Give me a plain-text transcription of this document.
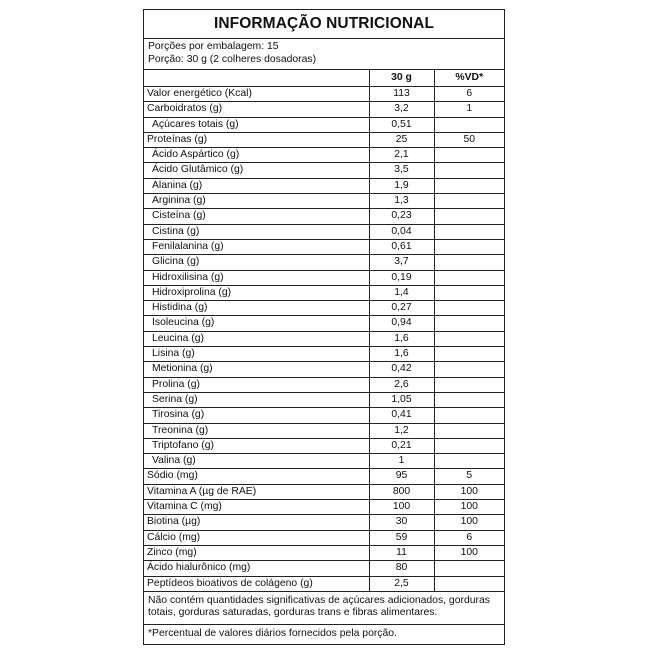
INFORMAÇÃO NUTRICIONAL
Porções por embalagem: 15
Porção: 30 g (2 colheres dosadoras)
	30 g	%VD*
Valor energético (Kcal)	113	6
Carboidratos (g)	3,2	1
Açúcares totais (g)	0,51	
Proteínas (g)	25	50
Ácido Aspártico (g)	2,1	
Ácido Glutâmico (g)	3,5	
Alanina (g)	1,9	
Arginina (g)	1,3	
Cisteína (g)	0,23	
Cistina (g)	0,04	
Fenilalanina (g)	0,61	
Glicina (g)	3,7	
Hidroxilisina (g)	0,19	
Hidroxiprolina (g)	1,4	
Histidina (g)	0,27	
Isoleucina (g)	0,94	
Leucina (g)	1,6	
Lisina (g)	1,6	
Metionina (g)	0,42	
Prolina (g)	2,6	
Serina (g)	1,05	
Tirosina (g)	0,41	
Treonina (g)	1,2	
Triptofano (g)	0,21	
Valina (g)	1	
Sódio (mg)	95	5
Vitamina A (µg de RAE)	800	100
Vitamina C (mg)	100	100
Biotina (µg)	30	100
Cálcio (mg)	59	6
Zinco (mg)	11	100
Ácido hialurônico (mg)	80	
Peptídeos bioativos de colágeno (g)	2,5	
Não contém quantidades significativas de açúcares adicionados, gorduras totais, gorduras saturadas, gorduras trans e fibras alimentares.
*Percentual de valores diários fornecidos pela porção.
